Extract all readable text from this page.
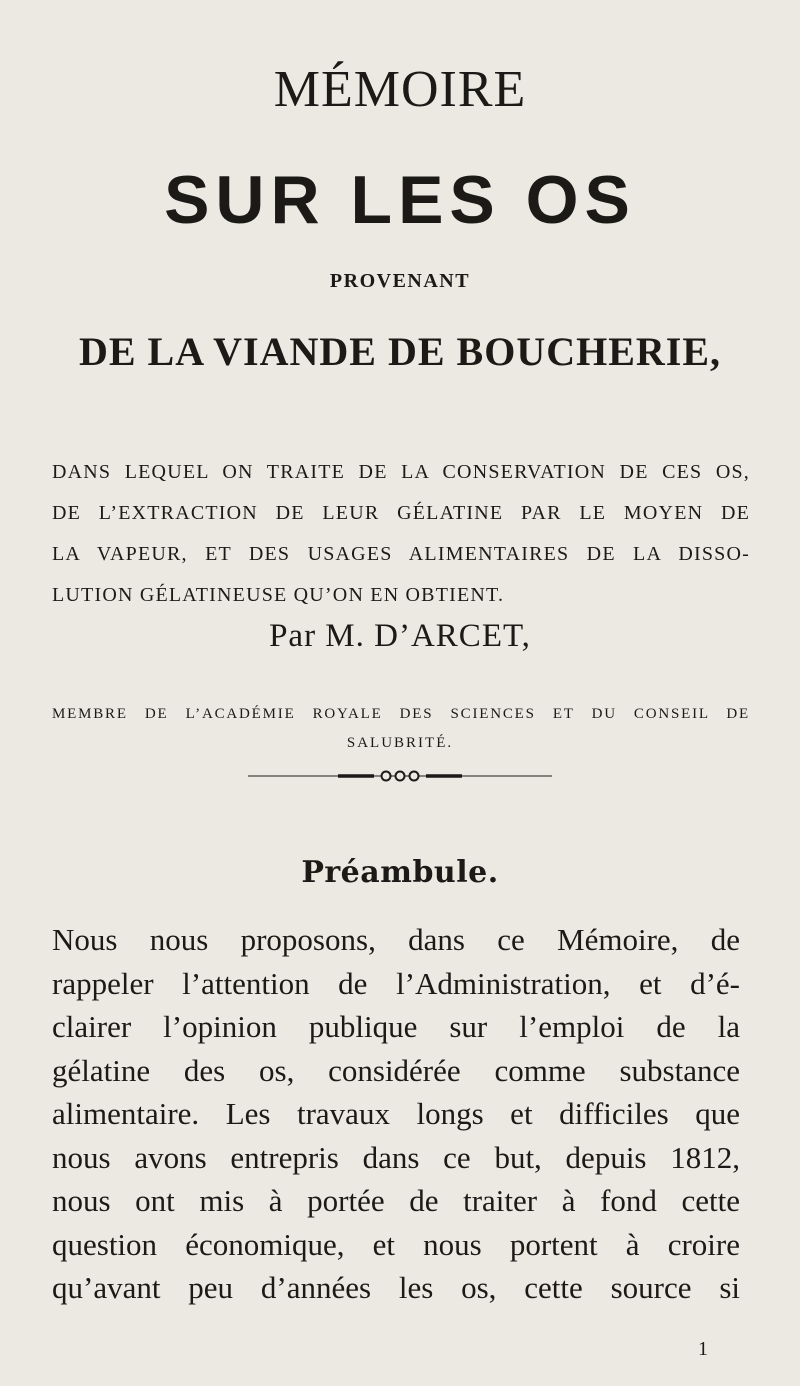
MÉMOIRE
SUR LES OS
PROVENANT
DE LA VIANDE DE BOUCHERIE,
DANS LEQUEL ON TRAITE DE LA CONSERVATION DE CES OS,
DE L’EXTRACTION DE LEUR GÉLATINE PAR LE MOYEN DE
LA VAPEUR, ET DES USAGES ALIMENTAIRES DE LA DISSO-
LUTION GÉLATINEUSE QU’ON EN OBTIENT.
Par M. D’ARCET,
MEMBRE DE L’ACADÉMIE ROYALE DES SCIENCES ET DU CONSEIL DE
SALUBRITÉ.
Préambule.
Nous nous proposons, dans ce Mémoire, de
rappeler l’attention de l’Administration, et d’é-
clairer l’opinion publique sur l’emploi de la
gélatine des os, considérée comme substance
alimentaire. Les travaux longs et difficiles que
nous avons entrepris dans ce but, depuis 1812,
nous ont mis à portée de traiter à fond cette
question économique, et nous portent à croire
qu’avant peu d’années les os, cette source si
1
